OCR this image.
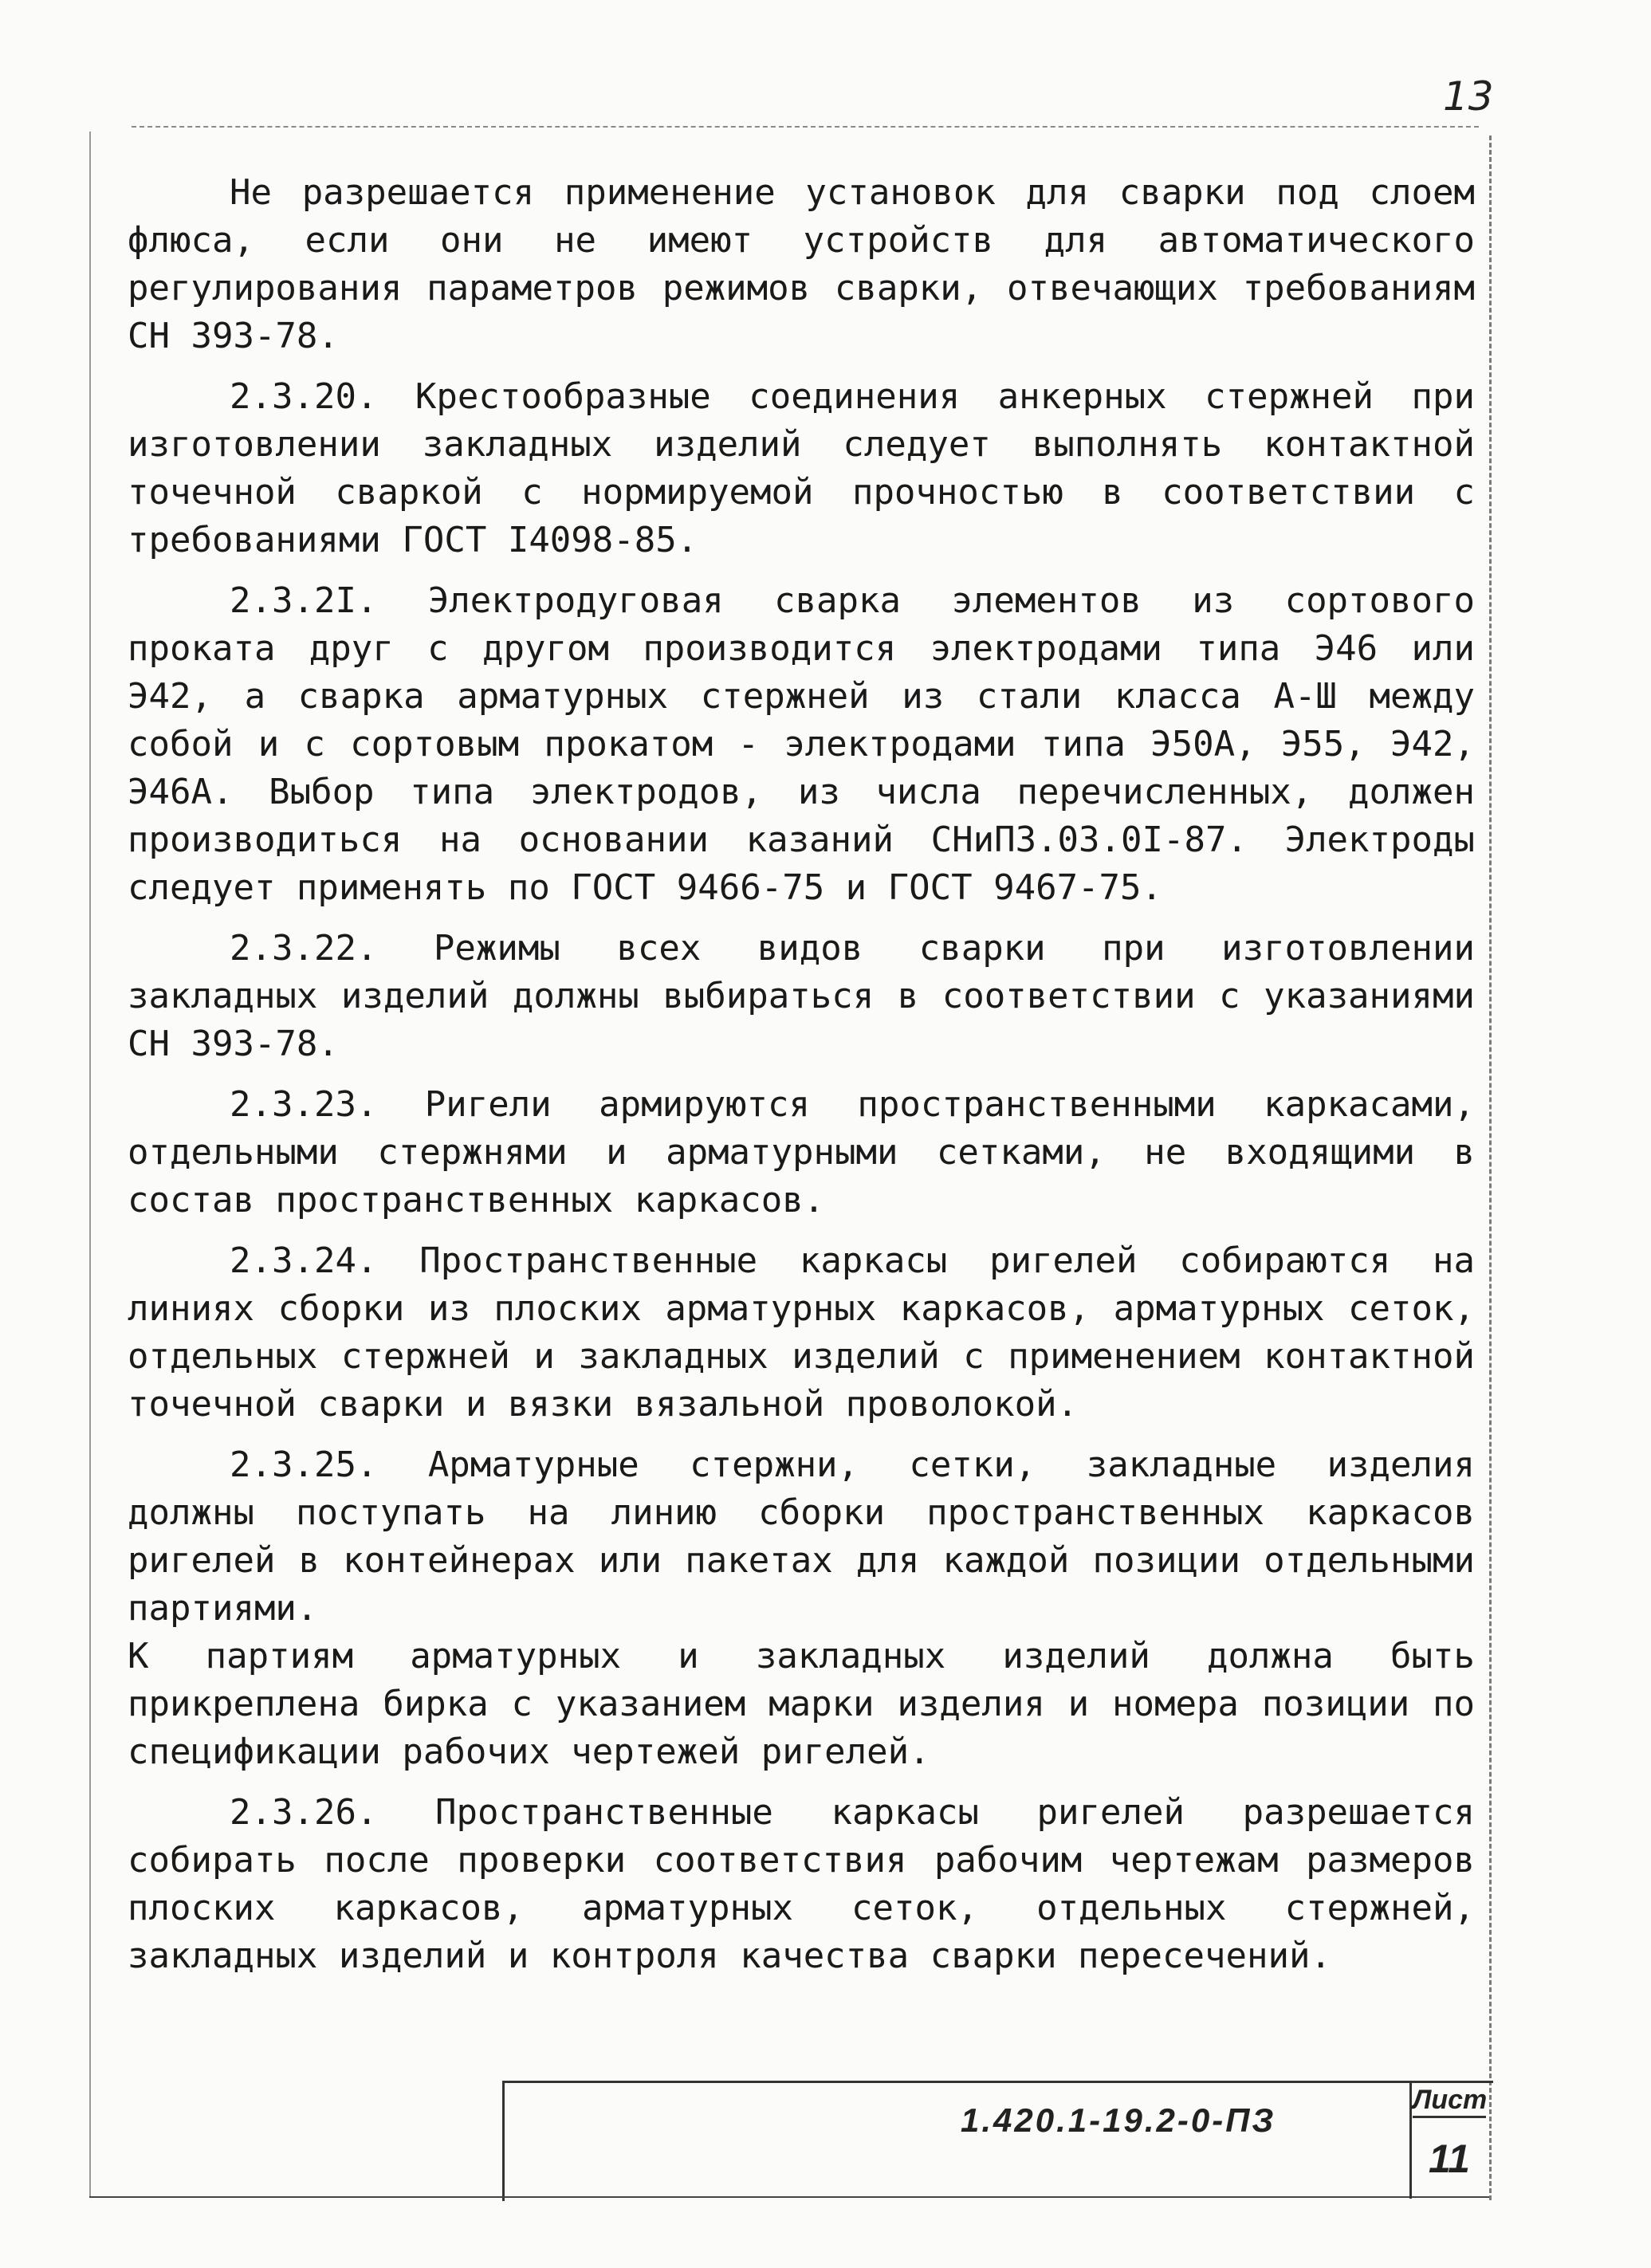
13

Не разрешается применение установок для сварки под слоем флюса, если они не имеют устройств для автоматического регулирования параметров режимов сварки, отвечающих требованиям СН 393-78.

2.3.20. Крестообразные соединения анкерных стержней при изготовлении закладных изделий следует выполнять контактной точечной сваркой с нормируемой прочностью в соответствии с требованиями ГОСТ I4098-85.

2.3.2I. Электродуговая сварка элементов из сортового проката друг с другом производится электродами типа Э46 или Э42, а сварка арматурных стержней из стали класса А-Ш между собой и с сортовым прокатом - электродами типа Э50А, Э55, Э42, Э46А. Выбор типа электродов, из числа перечисленных, должен производиться на основании казаний СНиП3.03.0I-87. Электроды следует применять по ГОСТ 9466-75 и ГОСТ 9467-75.

2.3.22. Режимы всех видов сварки при изготовлении закладных изделий должны выбираться в соответствии с указаниями СН 393-78.

2.3.23. Ригели армируются пространственными каркасами, отдельными стержнями и арматурными сетками, не входящими в состав пространственных каркасов.

2.3.24. Пространственные каркасы ригелей собираются на линиях сборки из плоских арматурных каркасов, арматурных сеток, отдельных стержней и закладных изделий с применением контактной точечной сварки и вязки вязальной проволокой.

2.3.25. Арматурные стержни, сетки, закладные изделия должны поступать на линию сборки пространственных каркасов ригелей в контейнерах или пакетах для каждой позиции отдельными партиями.

К партиям арматурных и закладных изделий должна быть прикреплена бирка с указанием марки изделия и номера позиции по спецификации рабочих чертежей ригелей.

2.3.26. Пространственные каркасы ригелей разрешается собирать после проверки соответствия рабочим чертежам размеров плоских каркасов, арматурных сеток, отдельных стержней, закладных изделий и контроля качества сварки пересечений.

1.420.1-19.2-0-ПЗ
Лист
11
